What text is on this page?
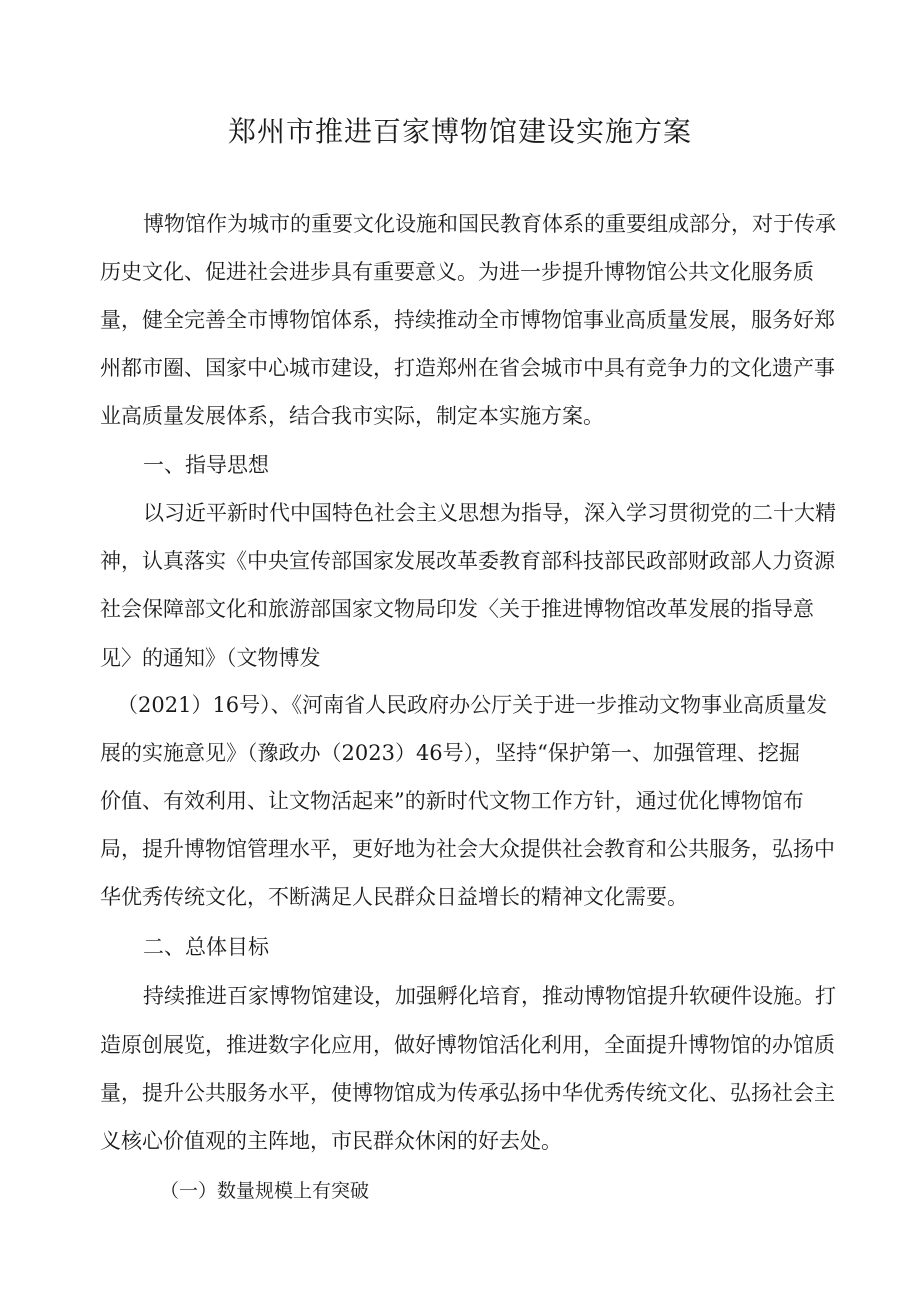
郑州市推进百家博物馆建设实施方案
博物馆作为城市的重要文化设施和国民教育体系的重要组成部分，对于传承
历史文化、促进社会进步具有重要意义。为进一步提升博物馆公共文化服务质
量，健全完善全市博物馆体系，持续推动全市博物馆事业高质量发展，服务好郑
州都市圈、国家中心城市建设，打造郑州在省会城市中具有竞争力的文化遗产事
业高质量发展体系，结合我市实际，制定本实施方案。
一、指导思想
以习近平新时代中国特色社会主义思想为指导，深入学习贯彻党的二十大精
神，认真落实《中央宣传部国家发展改革委教育部科技部民政部财政部人力资源
社会保障部文化和旅游部国家文物局印发〈关于推进博物馆改革发展的指导意
见〉的通知》（文物博发
（2021）16号）、《河南省人民政府办公厅关于进一步推动文物事业高质量发
展的实施意见》（豫政办（2023）46号），坚持“保护第一、加强管理、挖掘
价值、有效利用、让文物活起来”的新时代文物工作方针，通过优化博物馆布
局，提升博物馆管理水平，更好地为社会大众提供社会教育和公共服务，弘扬中
华优秀传统文化，不断满足人民群众日益增长的精神文化需要。
二、总体目标
持续推进百家博物馆建设，加强孵化培育，推动博物馆提升软硬件设施。打
造原创展览，推进数字化应用，做好博物馆活化利用，全面提升博物馆的办馆质
量，提升公共服务水平，使博物馆成为传承弘扬中华优秀传统文化、弘扬社会主
义核心价值观的主阵地，市民群众休闲的好去处。
（一）数量规模上有突破
